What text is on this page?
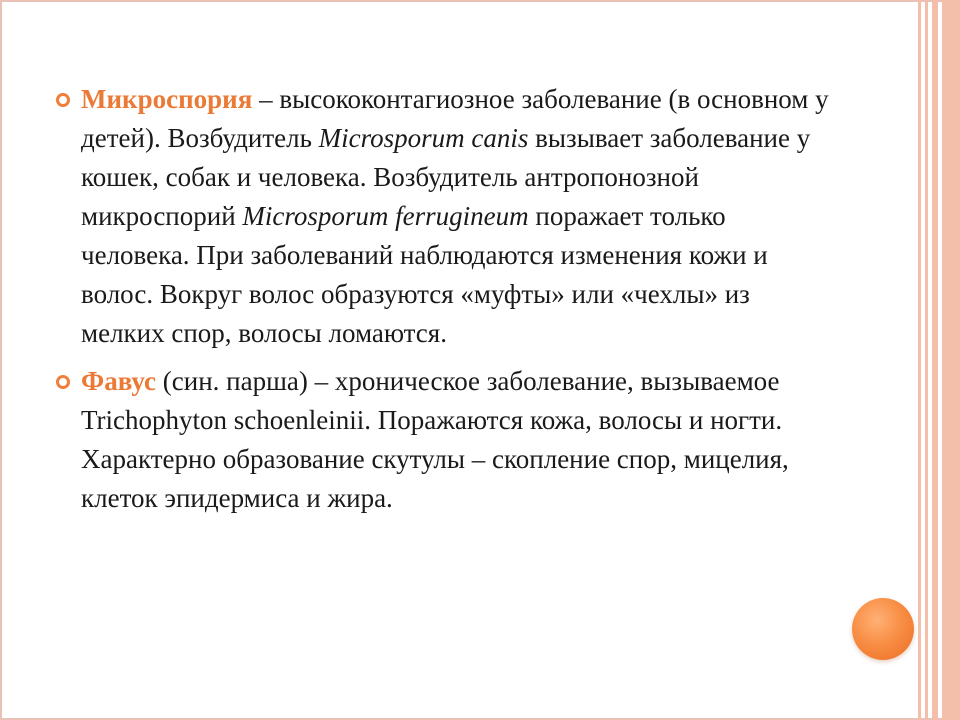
Микроспория – высококонтагиозное заболевание (в основном у детей). Возбудитель Microsporum canis вызывает заболевание у кошек, собак и человека. Возбудитель антропонозной микроспорий Microsporum ferrugineum поражает только человека. При заболеваний наблюдаются изменения кожи и волос. Вокруг волос образуются «муфты» или «чехлы» из мелких спор, волосы ломаются.
Фавус (син. парша) – хроническое заболевание, вызываемое Trichophyton schoenleinii. Поражаются кожа, волосы и ногти. Характерно образование скутулы – скопление спор, мицелия, клеток эпидермиса и жира.
